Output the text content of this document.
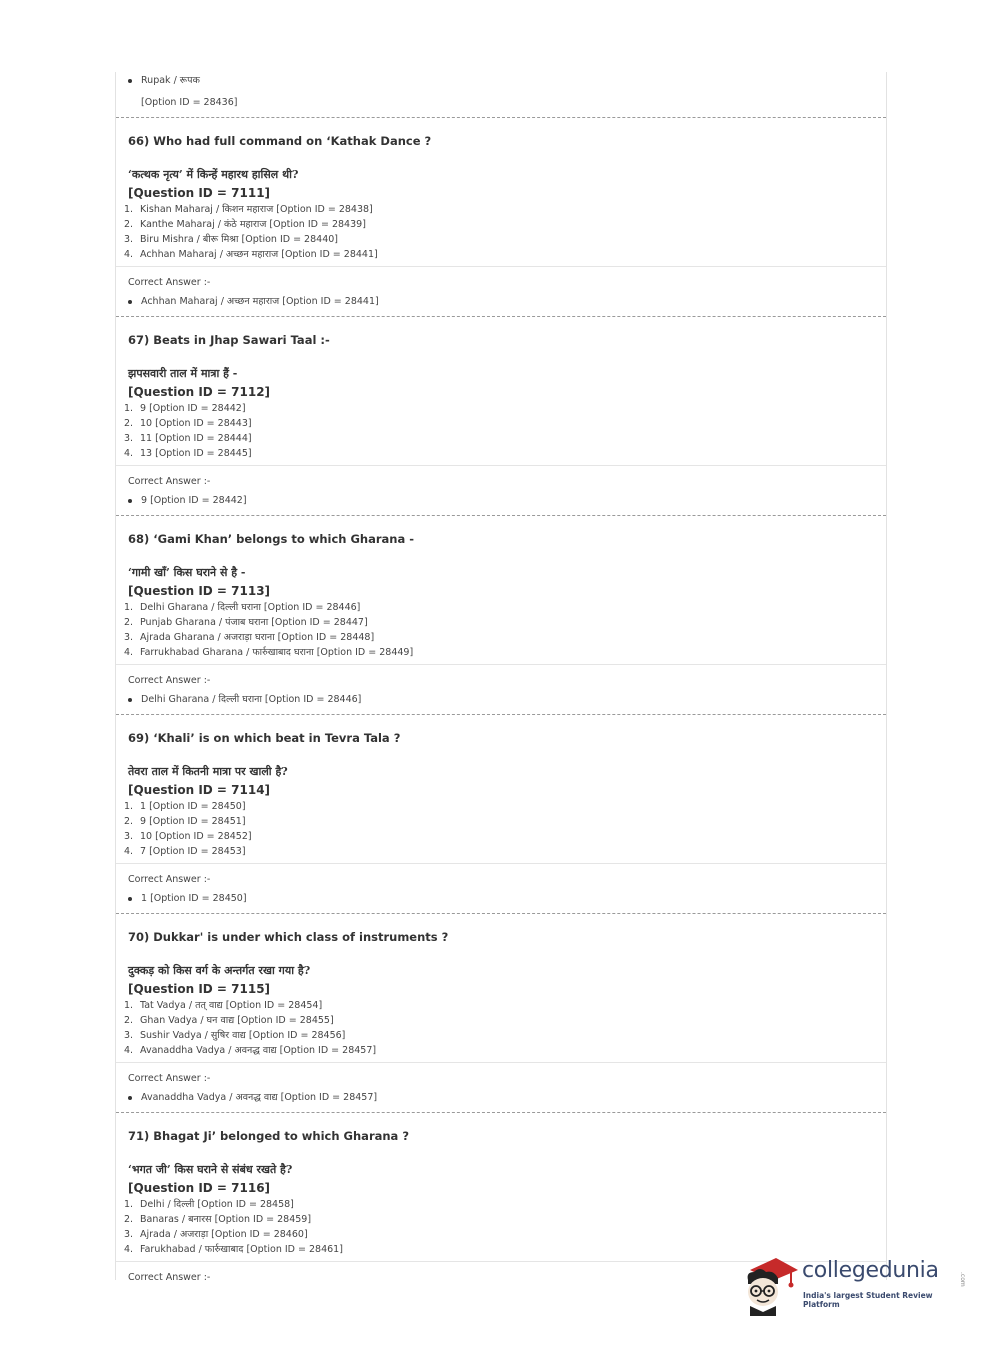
Rupak / रूपक
[Option ID = 28436]
66) Who had full command on ‘Kathak Dance ?
‘कत्थक नृत्य’ में किन्हें महारथ हासिल थी?
[Question ID = 7111]
1. Kishan Maharaj / किशन महाराज [Option ID = 28438]
2. Kanthe Maharaj / कंठे महाराज [Option ID = 28439]
3. Biru Mishra / बीरू मिश्रा [Option ID = 28440]
4. Achhan Maharaj / अच्छन महाराज [Option ID = 28441]
Correct Answer :-
Achhan Maharaj / अच्छन महाराज [Option ID = 28441]
67) Beats in Jhap Sawari Taal :-
झपसवारी ताल में मात्रा हैं -
[Question ID = 7112]
1. 9 [Option ID = 28442]
2. 10 [Option ID = 28443]
3. 11 [Option ID = 28444]
4. 13 [Option ID = 28445]
Correct Answer :-
9 [Option ID = 28442]
68) ‘Gami Khan’ belongs to which Gharana -
‘गामी खाँ’ किस घराने से है -
[Question ID = 7113]
1. Delhi Gharana / दिल्ली घराना [Option ID = 28446]
2. Punjab Gharana / पंजाब घराना [Option ID = 28447]
3. Ajrada Gharana / अजराड़ा घराना [Option ID = 28448]
4. Farrukhabad Gharana / फार्रुखाबाद घराना [Option ID = 28449]
Correct Answer :-
Delhi Gharana / दिल्ली घराना [Option ID = 28446]
69) ‘Khali’ is on which beat in Tevra Tala ?
तेवरा ताल में कितनी मात्रा पर खाली है?
[Question ID = 7114]
1. 1 [Option ID = 28450]
2. 9 [Option ID = 28451]
3. 10 [Option ID = 28452]
4. 7 [Option ID = 28453]
Correct Answer :-
1 [Option ID = 28450]
70) Dukkar' is under which class of instruments ?
दुक्कड़ को किस वर्ग के अन्तर्गत रखा गया है?
[Question ID = 7115]
1. Tat Vadya / तत् वाद्य [Option ID = 28454]
2. Ghan Vadya / घन वाद्य [Option ID = 28455]
3. Sushir Vadya / सुषिर वाद्य [Option ID = 28456]
4. Avanaddha Vadya / अवनद्ध वाद्य [Option ID = 28457]
Correct Answer :-
Avanaddha Vadya / अवनद्ध वाद्य [Option ID = 28457]
71) Bhagat Ji’ belonged to which Gharana ?
‘भगत जी’ किस घराने से संबंध रखते है?
[Question ID = 7116]
1. Delhi / दिल्ली [Option ID = 28458]
2. Banaras / बनारस [Option ID = 28459]
3. Ajrada / अजराड़ा [Option ID = 28460]
4. Farukhabad / फार्रुखाबाद [Option ID = 28461]
Correct Answer :-	collegedunia	.com
India's largest Student Review Platform
